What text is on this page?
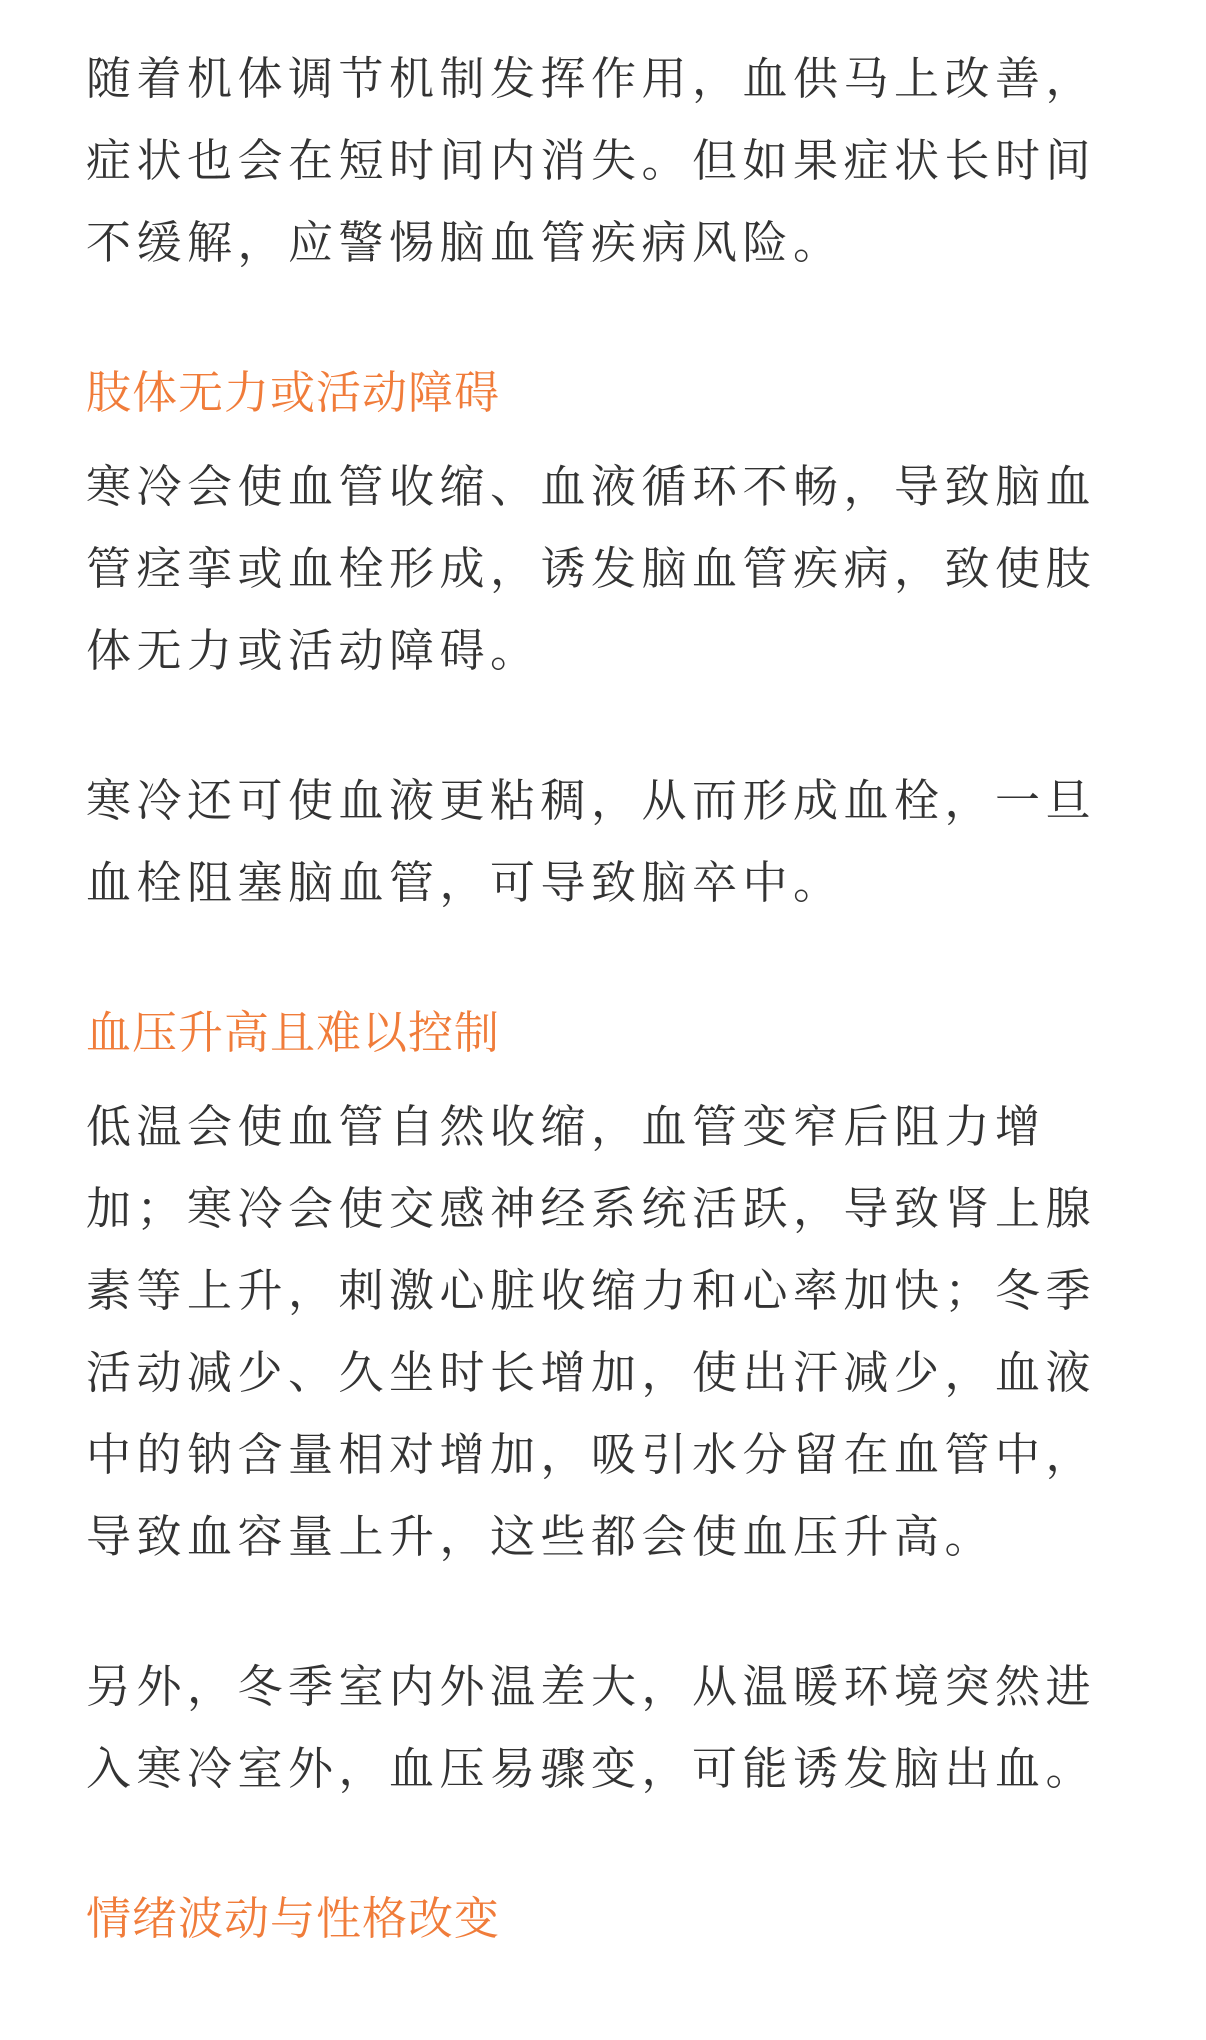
随着机体调节机制发挥作用，血供马上改善，
症状也会在短时间内消失。但如果症状长时间
不缓解，应警惕脑血管疾病风险。

肢体无力或活动障碍

寒冷会使血管收缩、血液循环不畅，导致脑血
管痉挛或血栓形成，诱发脑血管疾病，致使肢
体无力或活动障碍。

寒冷还可使血液更粘稠，从而形成血栓，一旦
血栓阻塞脑血管，可导致脑卒中。

血压升高且难以控制

低温会使血管自然收缩，血管变窄后阻力增
加；寒冷会使交感神经系统活跃，导致肾上腺
素等上升，刺激心脏收缩力和心率加快；冬季
活动减少、久坐时长增加，使出汗减少，血液
中的钠含量相对增加，吸引水分留在血管中，
导致血容量上升，这些都会使血压升高。

另外，冬季室内外温差大，从温暖环境突然进
入寒冷室外，血压易骤变，可能诱发脑出血。

情绪波动与性格改变
